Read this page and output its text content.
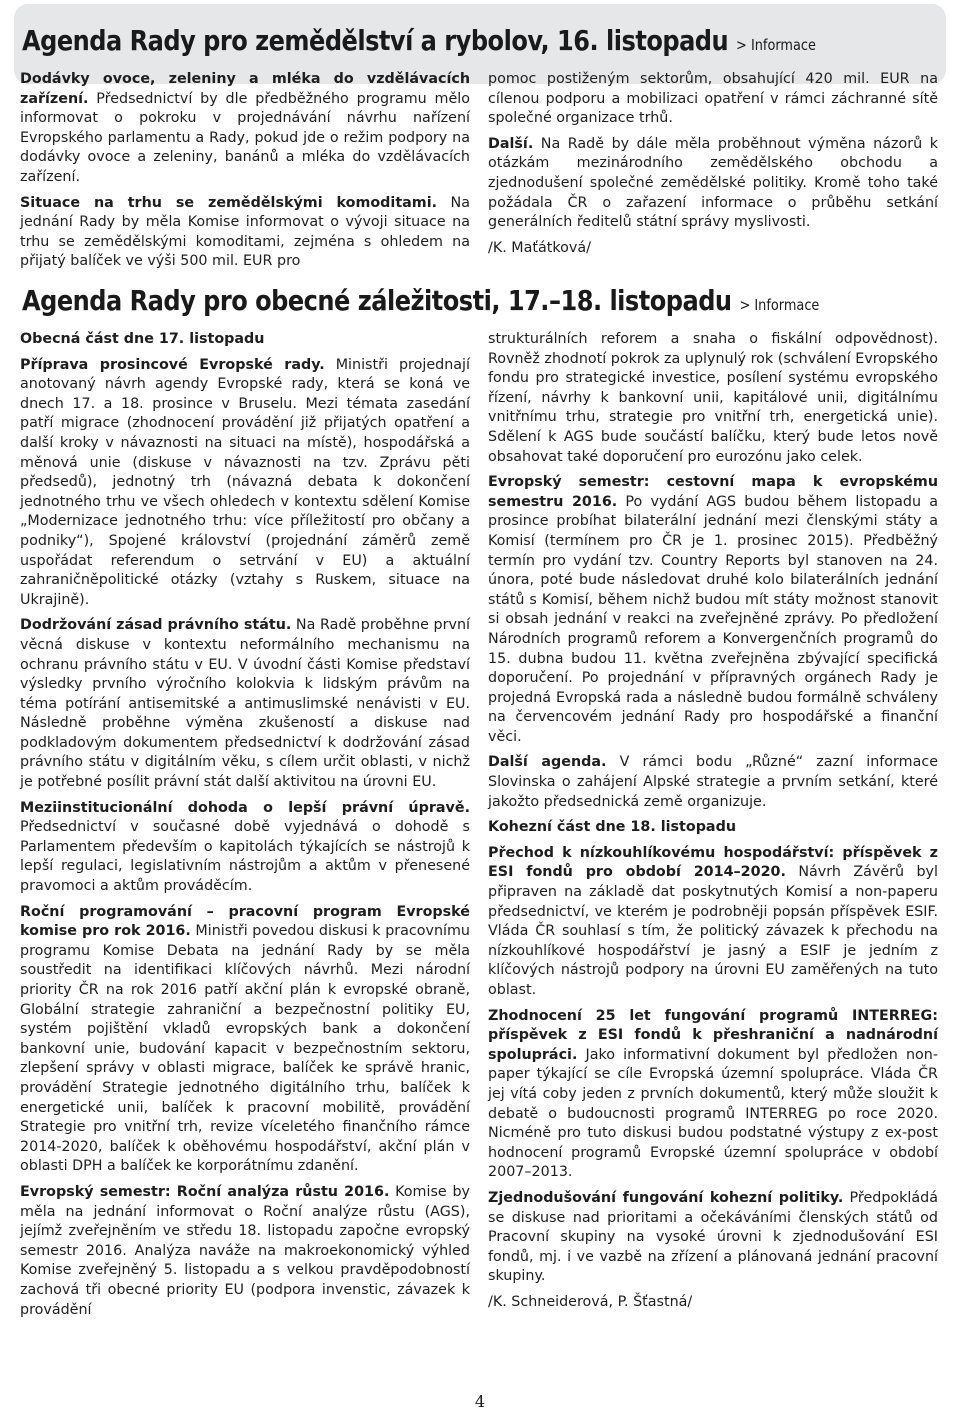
Agenda Rady pro zemědělství a rybolov, 16. listopadu > Informace

Dodávky ovoce, zeleniny a mléka do vzdělávacích zařízení. Předsednictví by dle předběžného programu mělo informovat o pokroku v projednávání návrhu nařízení Evropského parlamentu a Rady, pokud jde o režim podpory na dodávky ovoce a zeleniny, banánů a mléka do vzdělávacích zařízení.

Situace na trhu se zemědělskými komoditami. Na jednání Rady by měla Komise informovat o vývoji situace na trhu se zemědělskými komoditami, zejména s ohledem na přijatý balíček ve výši 500 mil. EUR pro

pomoc postiženým sektorům, obsahující 420 mil. EUR na cílenou podporu a mobilizaci opatření v rámci záchranné sítě společné organizace trhů.

Další. Na Radě by dále měla proběhnout výměna názorů k otázkám mezinárodního zemědělského obchodu a zjednodušení společné zemědělské politiky. Kromě toho také požádala ČR o zařazení informace o průběhu setkání generálních ředitelů státní správy myslivosti.

/K. Maťátková/

Agenda Rady pro obecné záležitosti, 17.–18. listopadu > Informace

Obecná část dne 17. listopadu

Příprava prosincové Evropské rady. Ministři projednají anotovaný návrh agendy Evropské rady, která se koná ve dnech 17. a 18. prosince v Bruselu. Mezi témata zasedání patří migrace (zhodnocení provádění již přijatých opatření a další kroky v návaznosti na situaci na místě), hospodářská a měnová unie (diskuse v návaznosti na tzv. Zprávu pěti předsedů), jednotný trh (návazná debata k dokončení jednotného trhu ve všech ohledech v kontextu sdělení Komise „Modernizace jednotného trhu: více příležitostí pro občany a podniky“), Spojené království (projednání záměrů země uspořádat referendum o setrvání v EU) a aktuální zahraničněpolitické otázky (vztahy s Ruskem, situace na Ukrajině).

Dodržování zásad právního státu. Na Radě proběhne první věcná diskuse v kontextu neformálního mechanismu na ochranu právního státu v EU. V úvodní části Komise představí výsledky prvního výročního kolokvia k lidským právům na téma potírání antisemitské a antimuslimské nenávisti v EU. Následně proběhne výměna zkušeností a diskuse nad podkladovým dokumentem předsednictví k dodržování zásad právního státu v digitálním věku, s cílem určit oblasti, v nichž je potřebné posílit právní stát další aktivitou na úrovni EU.

Meziinstitucionální dohoda o lepší právní úpravě. Předsednictví v současné době vyjednává o dohodě s Parlamentem především o kapitolách týkajících se nástrojů k lepší regulaci, legislativním nástrojům a aktům v přenesené pravomoci a aktům prováděcím.

Roční programování – pracovní program Evropské komise pro rok 2016. Ministři povedou diskusi k pracovnímu programu Komise Debata na jednání Rady by se měla soustředit na identifikaci klíčových návrhů. Mezi národní priority ČR na rok 2016 patří akční plán k evropské obraně, Globální strategie zahraniční a bezpečnostní politiky EU, systém pojištění vkladů evropských bank a dokončení bankovní unie, budování kapacit v bezpečnostním sektoru, zlepšení správy v oblasti migrace, balíček ke správě hranic, provádění Strategie jednotného digitálního trhu, balíček k energetické unii, balíček k pracovní mobilitě, provádění Strategie pro vnitřní trh, revize víceletého finančního rámce 2014-2020, balíček k oběhovému hospodářství, akční plán v oblasti DPH a balíček ke korporátnímu zdanění.

Evropský semestr: Roční analýza růstu 2016. Komise by měla na jednání informovat o Roční analýze růstu (AGS), jejímž zveřejněním ve středu 18. listopadu započne evropský semestr 2016. Analýza naváže na makroekonomický výhled Komise zveřejněný 5. listopadu a s velkou pravděpodobností zachová tři obecné priority EU (podpora invenstic, závazek k provádění

strukturálních reforem a snaha o fiskální odpovědnost). Rovněž zhodnotí pokrok za uplynulý rok (schválení Evropského fondu pro strategické investice, posílení systému evropského řízení, návrhy k bankovní unii, kapitálové unii, digitálnímu vnitřnímu trhu, strategie pro vnitřní trh, energetická unie). Sdělení k AGS bude součástí balíčku, který bude letos nově obsahovat také doporučení pro eurozónu jako celek.

Evropský semestr: cestovní mapa k evropskému semestru 2016. Po vydání AGS budou během listopadu a prosince probíhat bilaterální jednání mezi členskými státy a Komisí (termínem pro ČR je 1. prosinec 2015). Předběžný termín pro vydání tzv. Country Reports byl stanoven na 24. února, poté bude následovat druhé kolo bilaterálních jednání států s Komisí, během nichž budou mít státy možnost stanovit si obsah jednání v reakci na zveřejněné zprávy. Po předložení Národních programů reforem a Konvergenčních programů do 15. dubna budou 11. května zveřejněna zbývající specifická doporučení. Po projednání v přípravných orgánech Rady je projedná Evropská rada a následně budou formálně schváleny na červencovém jednání Rady pro hospodářské a finanční věci.

Další agenda. V rámci bodu „Různé“ zazní informace Slovinska o zahájení Alpské strategie a prvním setkání, které jakožto předsednická země organizuje.

Kohezní část dne 18. listopadu

Přechod k nízkouhlíkovému hospodářství: příspěvek z ESI fondů pro období 2014–2020. Návrh Závěrů byl připraven na základě dat poskytnutých Komisí a non-paperu předsednictví, ve kterém je podrobněji popsán příspěvek ESIF. Vláda ČR souhlasí s tím, že politický závazek k přechodu na nízkouhlíkové hospodářství je jasný a ESIF je jedním z klíčových nástrojů podpory na úrovni EU zaměřených na tuto oblast.

Zhodnocení 25 let fungování programů INTERREG: příspěvek z ESI fondů k přeshraniční a nadnárodní spolupráci. Jako informativní dokument byl předložen non-paper týkající se cíle Evropská územní spolupráce. Vláda ČR jej vítá coby jeden z prvních dokumentů, který může sloužit k debatě o budoucnosti programů INTERREG po roce 2020. Nicméně pro tuto diskusi budou podstatné výstupy z ex-post hodnocení programů Evropské územní spolupráce v období 2007–2013.

Zjednodušování fungování kohezní politiky. Předpokládá se diskuse nad prioritami a očekáváními členských států od Pracovní skupiny na vysoké úrovni k zjednodušování ESI fondů, mj. i ve vazbě na zřízení a plánovaná jednání pracovní skupiny.

/K. Schneiderová, P. Šťastná/

4
